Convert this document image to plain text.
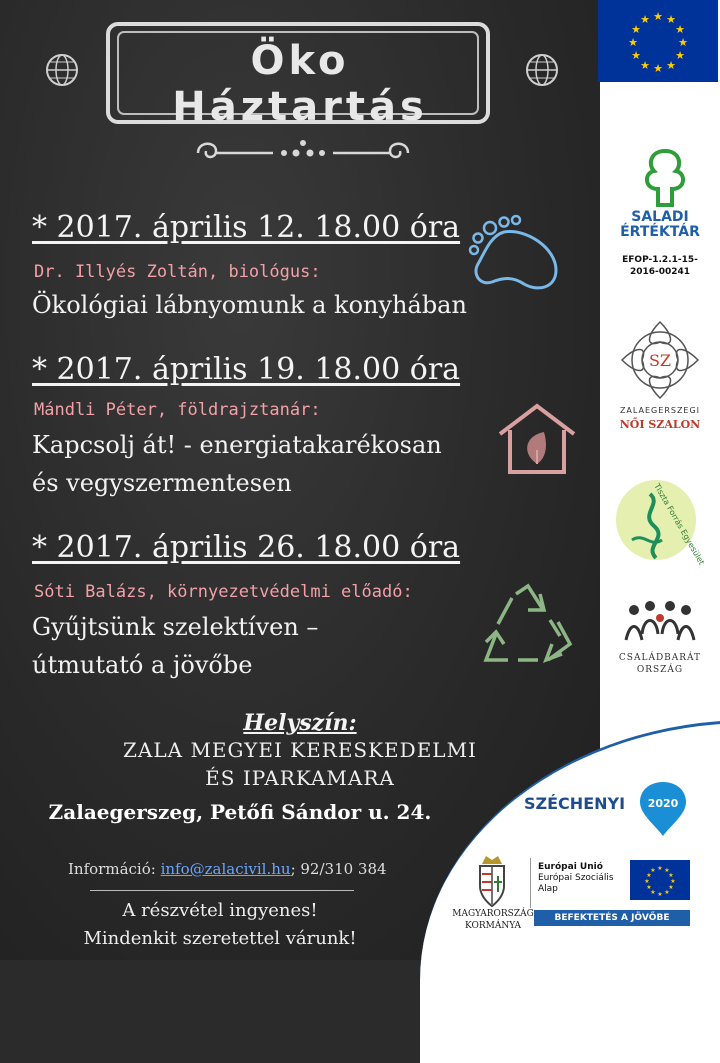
Öko Háztartás
* 2017. április 12. 18.00 óra
Dr. Illyés Zoltán, biológus:
Ökológiai lábnyomunk a konyhában
* 2017. április 19. 18.00 óra
Mándli Péter, földrajztanár:
Kapcsolj át! - energiatakarékosan
és vegyszermentesen
* 2017. április 26. 18.00 óra
Sóti Balázs, környezetvédelmi előadó:
Gyűjtsünk szelektíven –
útmutató a jövőbe
Helyszín:
ZALA MEGYEI KERESKEDELMI
ÉS IPARKAMARA
Zalaegerszeg, Petőfi Sándor u. 24.
Információ: info@zalacivil.hu; 92/310 384
A részvétel ingyenes!
Mindenkit szeretettel várunk!
★ ★
★
★
★
★
★
★
★
★
★
★
SALADI
ÉRTÉKTÁR
EFOP-1.2.1-15-
2016-00241
SZ
ZALAEGERSZEGI
NŐI SZALON
Tiszta Forrás Egyesület
CSALÁDBARÁT
ORSZÁG
SZÉCHENYI 2020
MAGYARORSZÁG
KORMÁNYA
Európai Unió
Európai Szociális
Alap
★ ★
★
★
★
★
★
★
★
★
★
★
BEFEKTETÉS A JÖVŐBE
